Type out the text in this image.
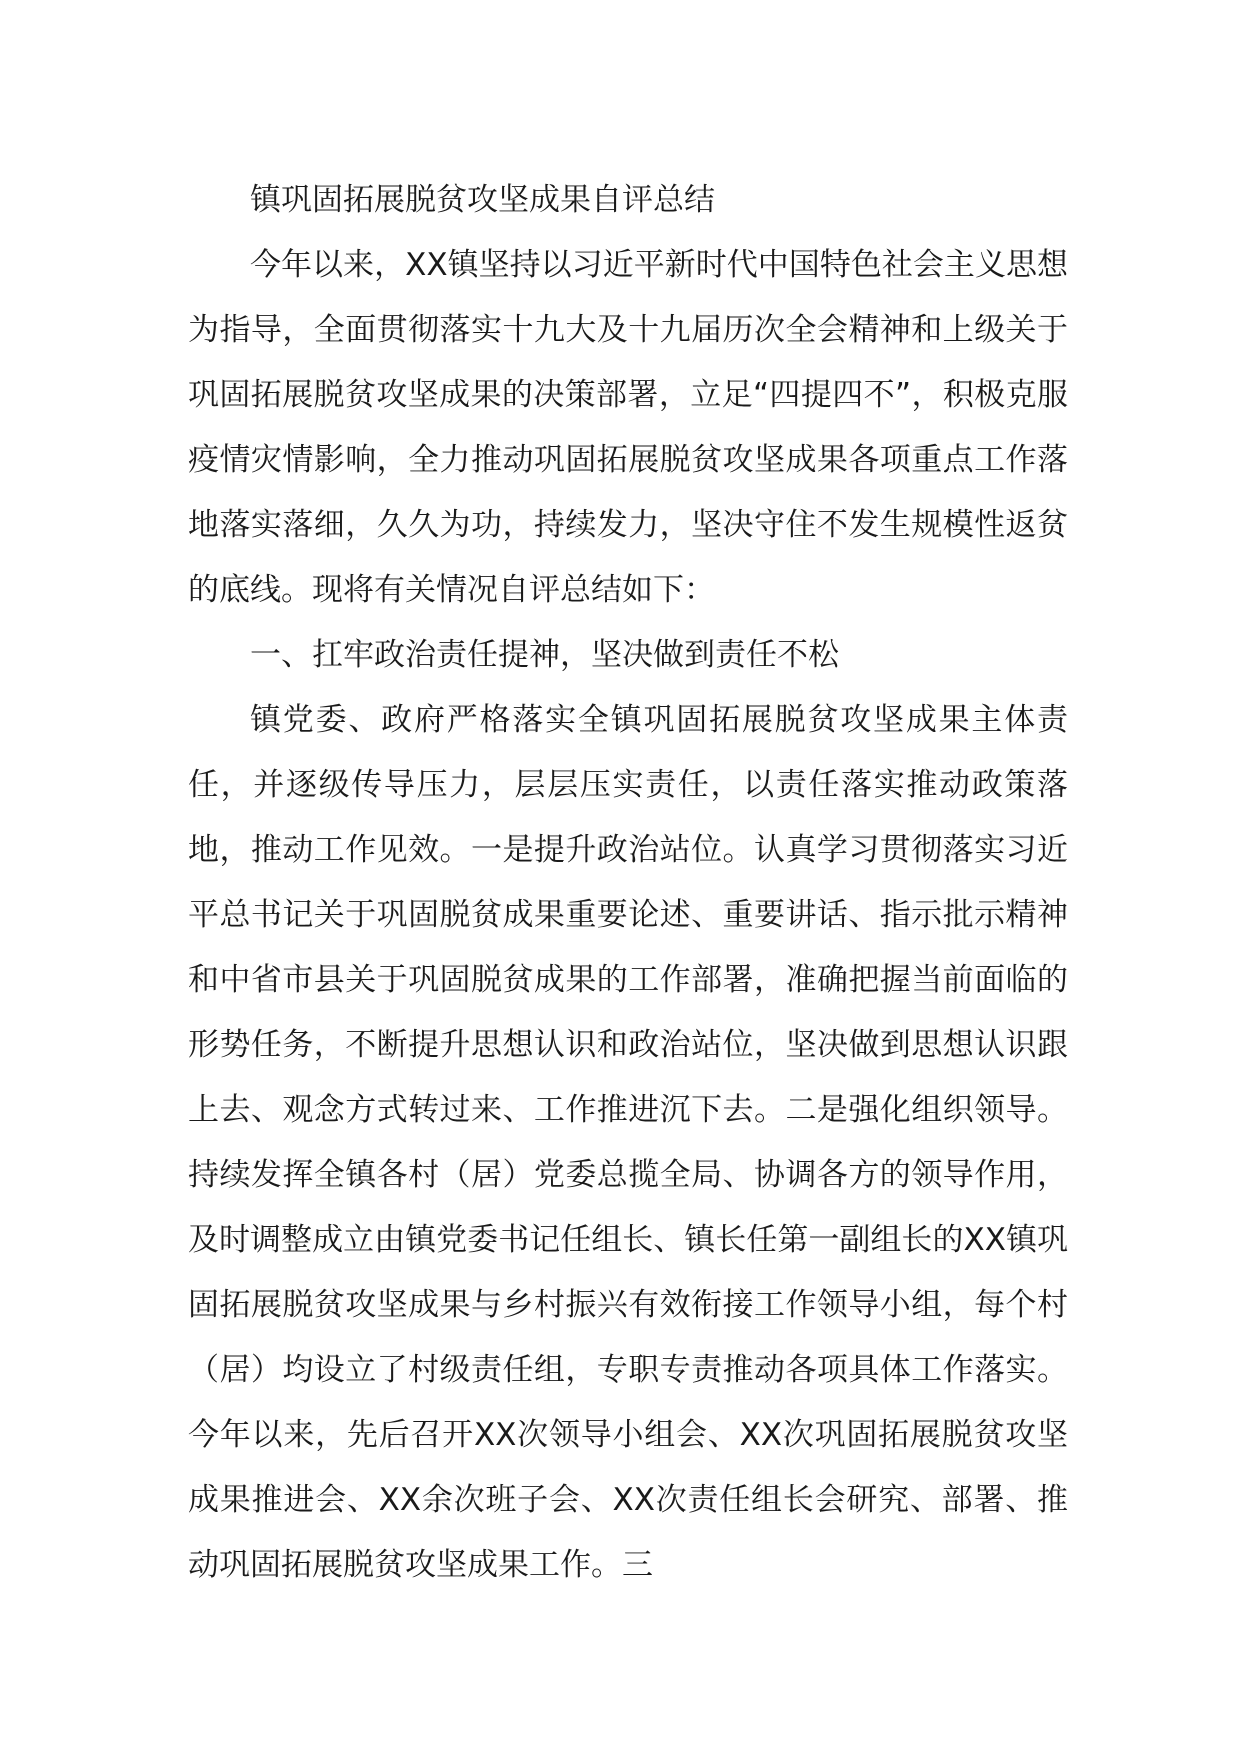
镇巩固拓展脱贫攻坚成果自评总结

今年以来，XX镇坚持以习近平新时代中国特色社会主义思想为指导，全面贯彻落实十九大及十九届历次全会精神和上级关于巩固拓展脱贫攻坚成果的决策部署，立足“四提四不”，积极克服疫情灾情影响，全力推动巩固拓展脱贫攻坚成果各项重点工作落地落实落细，久久为功，持续发力，坚决守住不发生规模性返贫的底线。现将有关情况自评总结如下：

一、扛牢政治责任提神，坚决做到责任不松

镇党委、政府严格落实全镇巩固拓展脱贫攻坚成果主体责任，并逐级传导压力，层层压实责任，以责任落实推动政策落地，推动工作见效。一是提升政治站位。认真学习贯彻落实习近平总书记关于巩固脱贫成果重要论述、重要讲话、指示批示精神和中省市县关于巩固脱贫成果的工作部署，准确把握当前面临的形势任务，不断提升思想认识和政治站位，坚决做到思想认识跟上去、观念方式转过来、工作推进沉下去。二是强化组织领导。持续发挥全镇各村（居）党委总揽全局、协调各方的领导作用，及时调整成立由镇党委书记任组长、镇长任第一副组长的XX镇巩固拓展脱贫攻坚成果与乡村振兴有效衔接工作领导小组，每个村（居）均设立了村级责任组，专职专责推动各项具体工作落实。今年以来，先后召开XX次领导小组会、XX次巩固拓展脱贫攻坚成果推进会、XX余次班子会、XX次责任组长会研究、部署、推动巩固拓展脱贫攻坚成果工作。三
